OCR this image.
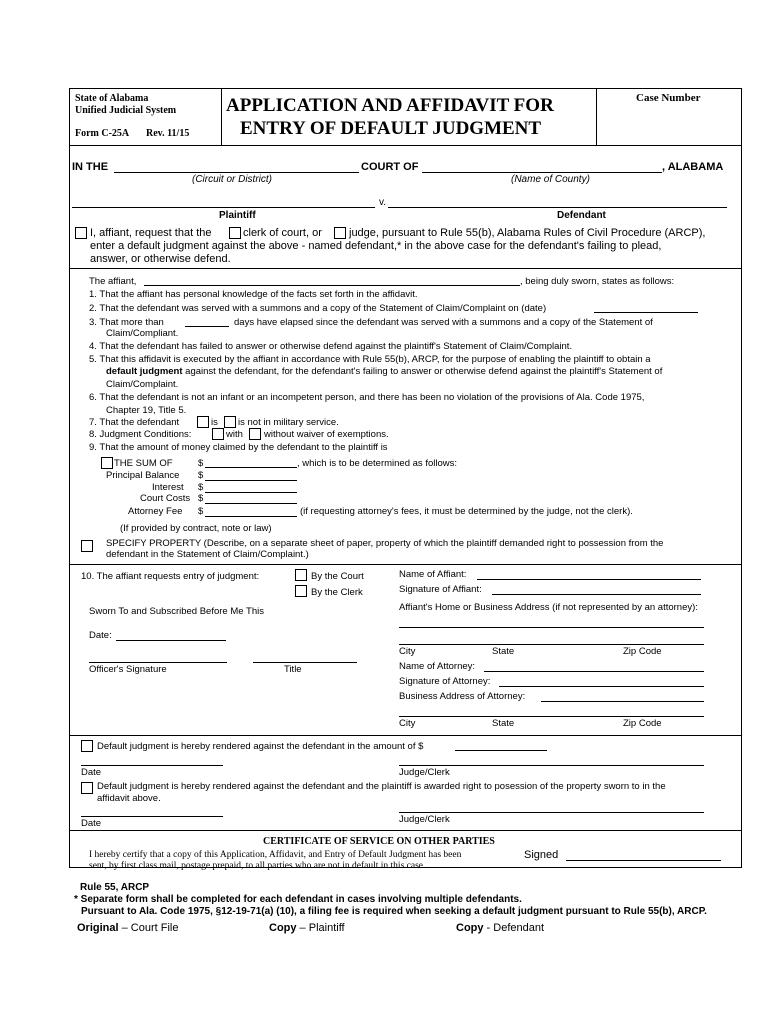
State of Alabama
Unified Judicial System
Form C-25A Rev. 11/15
APPLICATION AND AFFIDAVIT FOR
ENTRY OF DEFAULT JUDGMENT
Case Number
IN THE	COURT OF	, ALABAMA
(Circuit or District)	(Name of County)
v.
Plaintiff	Defendant
I, affiant, request that the	clerk of court, or judge, pursuant to Rule 55(b), Alabama Rules of Civil Procedure (ARCP),
enter a default judgment against the above - named defendant,* in the above case for the defendant's failing to plead,
answer, or otherwise defend.
The affiant,	, being duly sworn, states as follows:
1. That the affiant has personal knowledge of the facts set forth in the affidavit.
2. That the defendant was served with a summons and a copy of the Statement of Claim/Complaint on (date)
3. That more than	days have elapsed since the defendant was served with a summons and a copy of the Statement of
Claim/Compliant.
4. That the defendant has failed to answer or otherwise defend against the plaintiff's Statement of Claim/Complaint.
5. That this affidavit is executed by the affiant in accordance with Rule 55(b), ARCP, for the purpose of enabling the plaintiff to obtain a
default judgment against the defendant, for the defendant's failing to answer or otherwise defend against the plaintiff's Statement of
Claim/Complaint.
6. That the defendant is not an infant or an incompetent person, and there has been no violation of the provisions of Ala. Code 1975,
Chapter 19, Title 5.
7. That the defendant	is is not in military service.
8. Judgment Conditions:	with without waiver of exemptions.
9. That the amount of money claimed by the defendant to the plaintiff is
THE SUM OF	$	, which is to be determined as follows:
Principal Balance $
Interest $
Court Costs $
Attorney Fee $	(if requesting attorney's fees, it must be determined by the judge, not the clerk).
(If provided by contract, note or law)
SPECIFY PROPERTY (Describe, on a separate sheet of paper, property of which the plaintiff demanded right to possession from the
defendant in the Statement of Claim/Complaint.)
10. The affiant requests entry of judgment:	By the Court
By the Clerk
Name of Affiant:
Signature of Affiant:
Affiant's Home or Business Address (if not represented by an attorney):
Sworn To and Subscribed Before Me This
Date:
City	State	Zip Code
Name of Attorney:
Officer's Signature	Title
Signature of Attorney:
Business Address of Attorney:
City	State	Zip Code
Default judgment is hereby rendered against the defendant in the amount of $
Date	Judge/Clerk
Default judgment is hereby rendered against the defendant and the plaintiff is awarded right to posession of the property sworn to in the
affidavit above.
Judge/Clerk
Date
CERTIFICATE OF SERVICE ON OTHER PARTIES
I hereby certify that a copy of this Application, Affidavit, and Entry of Default Judgment has been
sent, by first class mail, postage prepaid, to all parties who are not in default in this case.
Signed
Rule 55, ARCP
* Separate form shall be completed for each defendant in cases involving multiple defendants.
Pursuant to Ala. Code 1975, §12-19-71(a) (10), a filing fee is required when seeking a default judgment pursuant to Rule 55(b), ARCP.
Original – Court File	Copy – Plaintiff	Copy - Defendant
